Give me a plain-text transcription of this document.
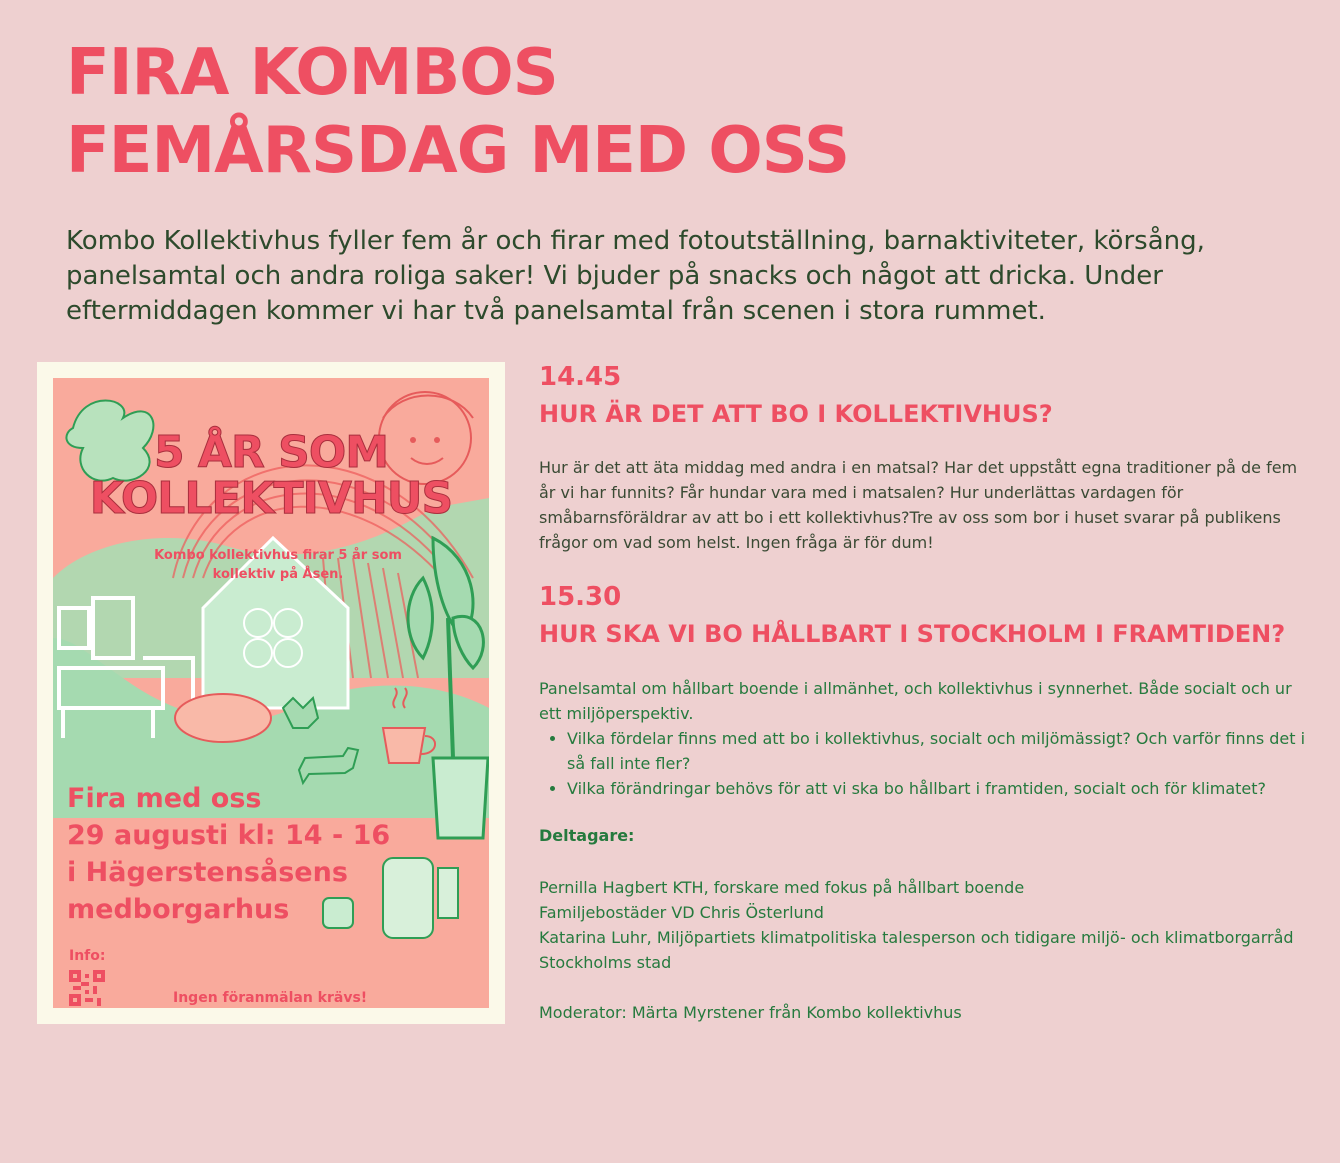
FIRA KOMBOS
FEMÅRSDAG MED OSS

Kombo Kollektivhus fyller fem år och firar med fotoutställning, barnaktiviteter, körsång, panelsamtal och andra roliga saker! Vi bjuder på snacks och något att dricka. Under eftermiddagen kommer vi har två panelsamtal från scenen i stora rummet.

5 ÅR SOM
KOLLEKTIVHUS
Kombo kollektivhus firar 5 år som kollektiv på Åsen.
Fira med oss
29 augusti kl: 14 - 16
i Hägerstensåsens
medborgarhus
Info:
Ingen föranmälan krävs!
14.45
HUR ÄR DET ATT BO I KOLLEKTIVHUS?

Hur är det att äta middag med andra i en matsal? Har det uppstått egna traditioner på de fem år vi har funnits? Får hundar vara med i matsalen? Hur underlättas vardagen för småbarnsföräldrar av att bo i ett kollektivhus?Tre av oss som bor i huset svarar på publikens frågor om vad som helst. Ingen fråga är för dum!

15.30
HUR SKA VI BO HÅLLBART I STOCKHOLM I FRAMTIDEN?

Panelsamtal om hållbart boende i allmänhet, och kollektivhus i synnerhet. Både socialt och ur ett miljöperspektiv.

• Vilka fördelar finns med att bo i kollektivhus, socialt och miljömässigt? Och varför finns det i så fall inte fler?
• Vilka förändringar behövs för att vi ska bo hållbart i framtiden, socialt och för klimatet?

Deltagare:

Pernilla Hagbert KTH, forskare med fokus på hållbart boende
Familjebostäder VD Chris Österlund
Katarina Luhr, Miljöpartiets klimatpolitiska talesperson och tidigare miljö- och klimatborgarråd Stockholms stad

Moderator: Märta Myrstener från Kombo kollektivhus
